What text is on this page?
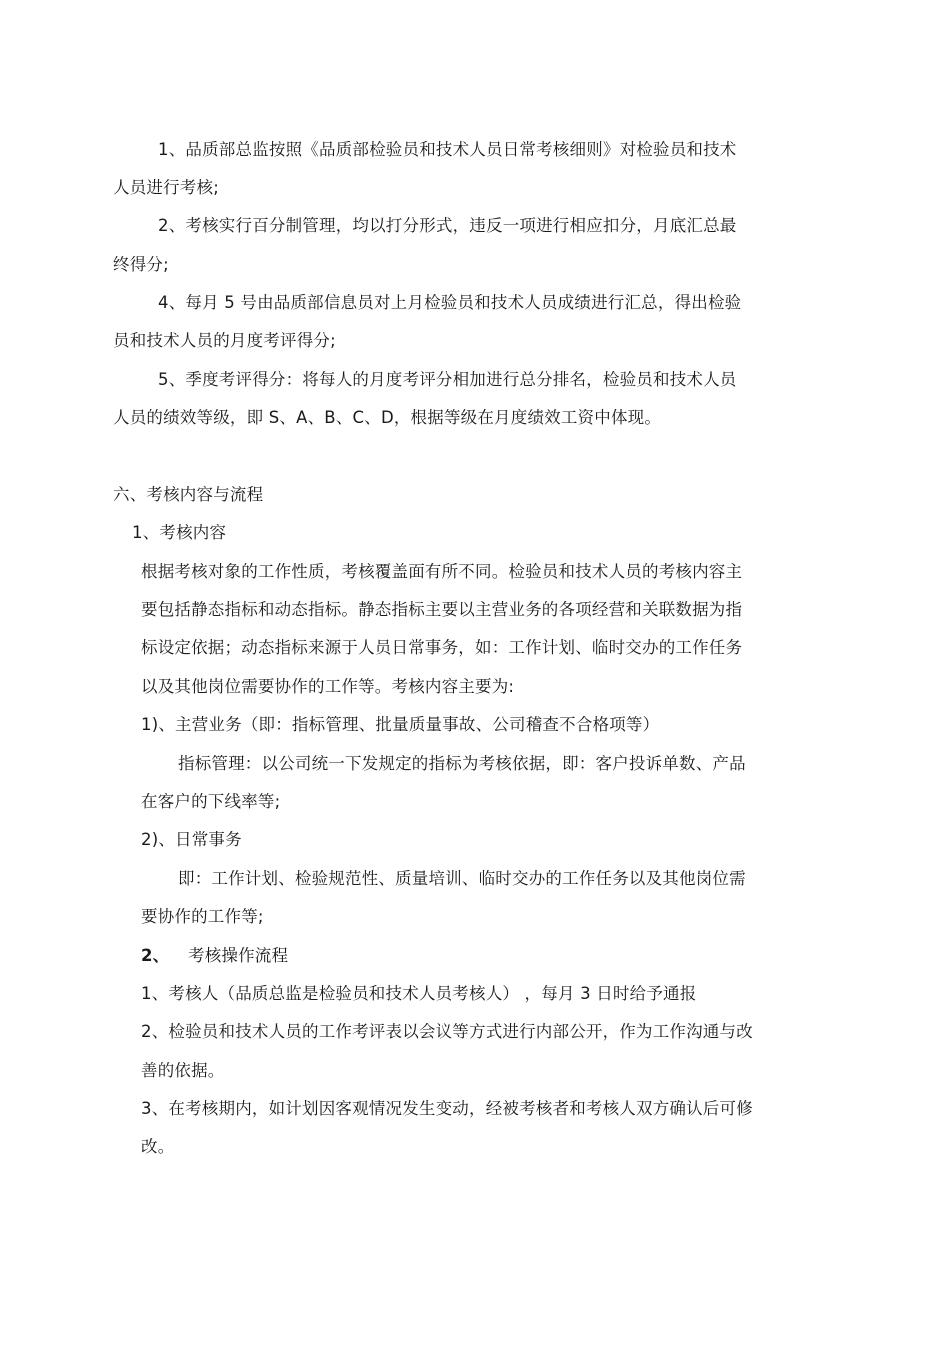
1、品质部总监按照《品质部检验员和技术人员日常考核细则》对检验员和技术
人员进行考核;
2、考核实行百分制管理，均以打分形式，违反一项进行相应扣分，月底汇总最
终得分;
4、每月 5 号由品质部信息员对上月检验员和技术人员成绩进行汇总，得出检验
员和技术人员的月度考评得分;
5、季度考评得分：将每人的月度考评分相加进行总分排名，检验员和技术人员
人员的绩效等级，即 S、A、B、C、D，根据等级在月度绩效工资中体现。
六、考核内容与流程
1、考核内容
根据考核对象的工作性质，考核覆盖面有所不同。检验员和技术人员的考核内容主
要包括静态指标和动态指标。静态指标主要以主营业务的各项经营和关联数据为指
标设定依据；动态指标来源于人员日常事务，如：工作计划、临时交办的工作任务
以及其他岗位需要协作的工作等。考核内容主要为:
1)、主营业务（即：指标管理、批量质量事故、公司稽查不合格项等）
指标管理：以公司统一下发规定的指标为考核依据，即：客户投诉单数、产品
在客户的下线率等;
2)、日常事务
即：工作计划、检验规范性、质量培训、临时交办的工作任务以及其他岗位需
要协作的工作等;
2、 考核操作流程
1、考核人（品质总监是检验员和技术人员考核人） ，每月 3 日时给予通报
2、检验员和技术人员的工作考评表以会议等方式进行内部公开，作为工作沟通与改
善的依据。
3、在考核期内，如计划因客观情况发生变动，经被考核者和考核人双方确认后可修
改。
